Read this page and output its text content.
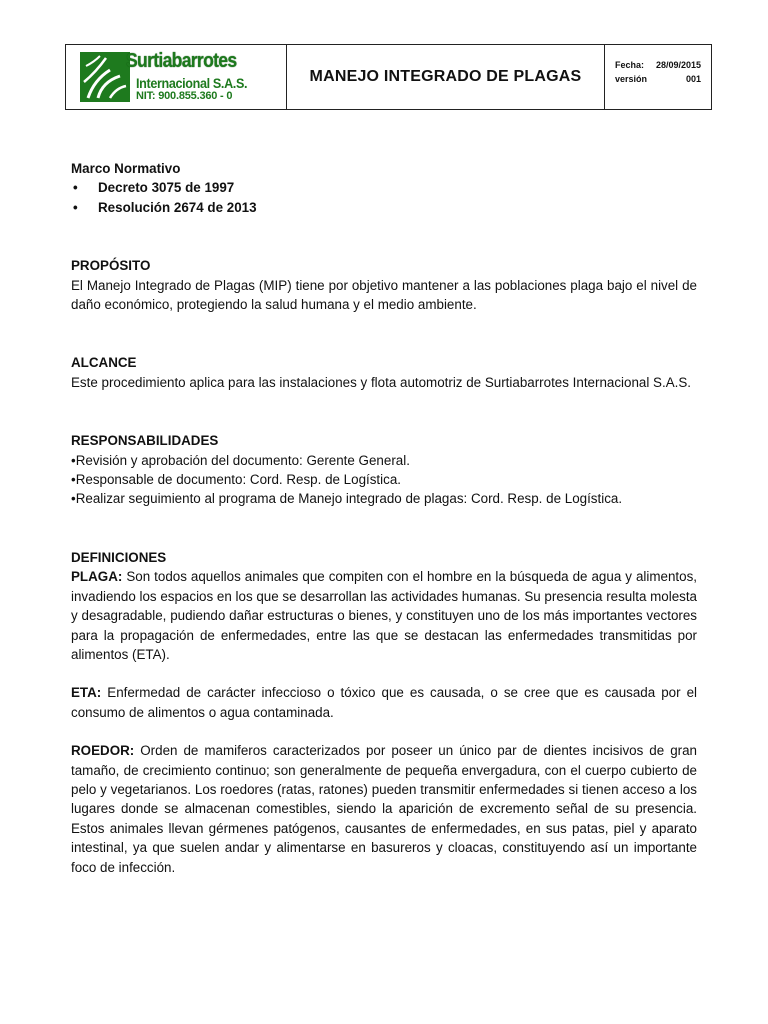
Surtiabarrotes
Internacional S.A.S.
NIT: 900.855.360 - 0
MANEJO INTEGRADO DE PLAGAS
Fecha: 28/09/2015
versión	001

Marco Normativo

• Decreto 3075 de 1997
• Resolución 2674 de 2013

PROPÓSITO

El Manejo Integrado de Plagas (MIP) tiene por objetivo mantener a las poblaciones plaga bajo el nivel de daño económico, protegiendo la salud humana y el medio ambiente.

ALCANCE

Este procedimiento aplica para las instalaciones y flota automotriz de Surtiabarrotes Internacional S.A.S.

RESPONSABILIDADES

• Revisión y aprobación del documento: Gerente General.

• Responsable de documento: Cord. Resp. de Logística.

• Realizar seguimiento al programa de Manejo integrado de plagas: Cord. Resp. de Logística.

DEFINICIONES

PLAGA: Son todos aquellos animales que compiten con el hombre en la búsqueda de agua y alimentos, invadiendo los espacios en los que se desarrollan las actividades humanas. Su presencia resulta molesta y desagradable, pudiendo dañar estructuras o bienes, y constituyen uno de los más importantes vectores para la propagación de enfermedades, entre las que se destacan las enfermedades transmitidas por alimentos (ETA).

ETA: Enfermedad de carácter infeccioso o tóxico que es causada, o se cree que es causada por el consumo de alimentos o agua contaminada.

ROEDOR: Orden de mamiferos caracterizados por poseer un único par de dientes incisivos de gran tamaño, de crecimiento continuo; son generalmente de pequeña envergadura, con el cuerpo cubierto de pelo y vegetarianos. Los roedores (ratas, ratones) pueden transmitir enfermedades si tienen acceso a los lugares donde se almacenan comestibles, siendo la aparición de excremento señal de su presencia. Estos animales llevan gérmenes patógenos, causantes de enfermedades, en sus patas, piel y aparato intestinal, ya que suelen andar y alimentarse en basureros y cloacas, constituyendo así un importante foco de infección.
